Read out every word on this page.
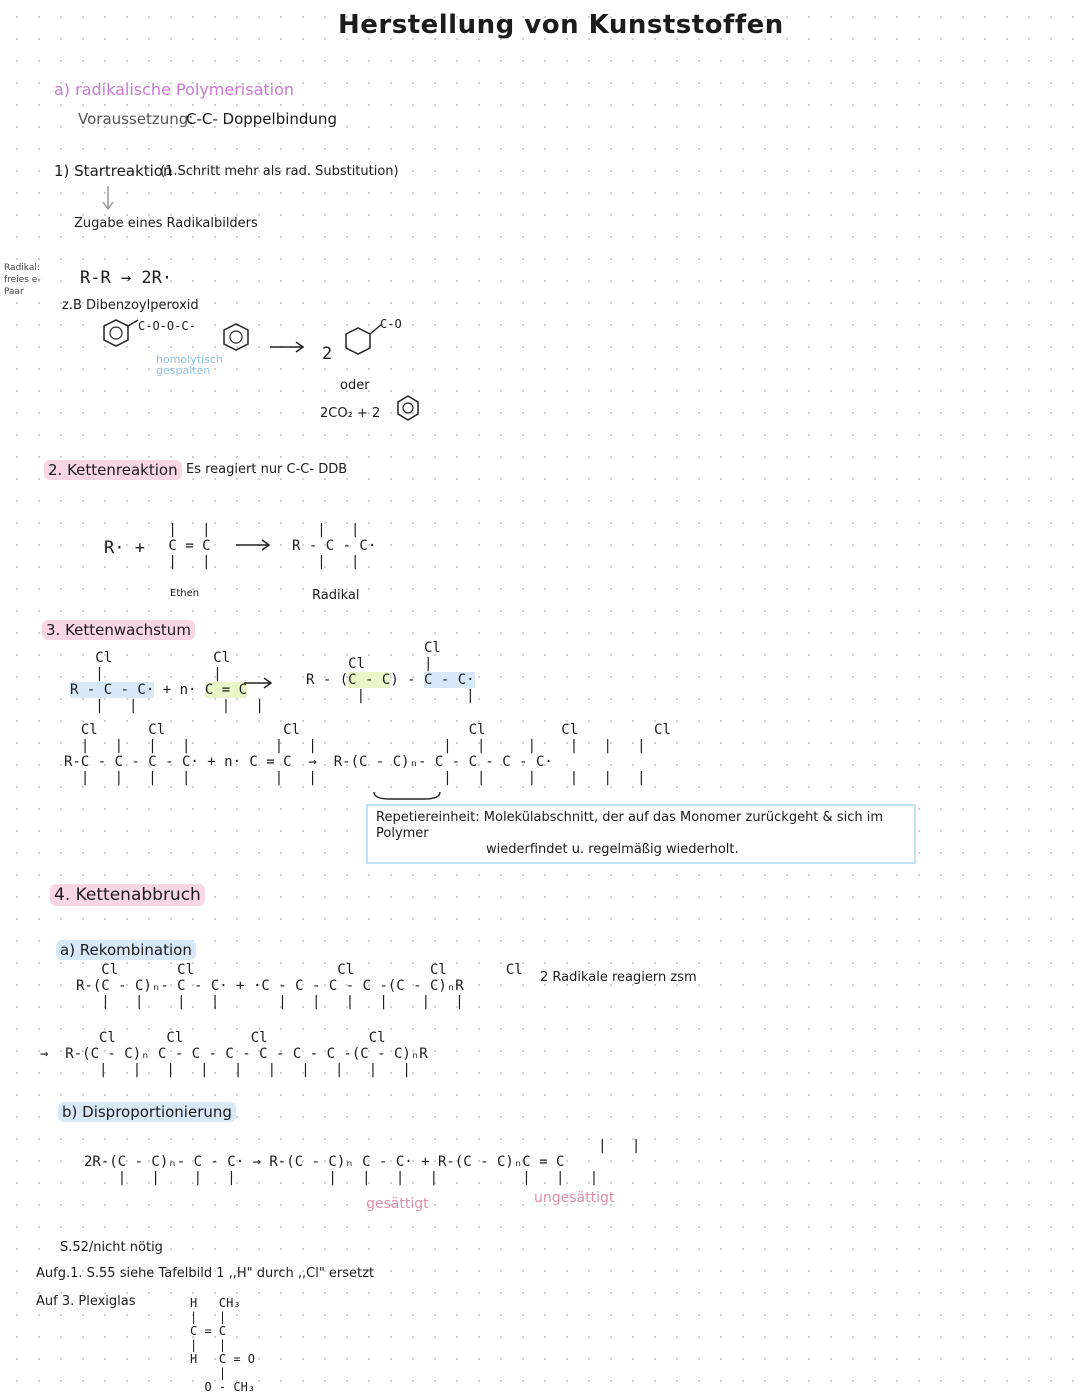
Herstellung von Kunststoffen
a) radikalische Polymerisation
Voraussetzung:
C-C- Doppelbindung
Radikal:
freies e-
Paar
1) Startreaktion
(1.Schritt mehr als rad. Substitution)
Zugabe eines Radikalbilders
R-R → 2R·
z.B Dibenzoylperoxid
C-O-O-C-
homolytisch gespalten
→ 2
C-O
oder
2CO₂ + 2
2. Kettenreaktion Es reagiert nur C-C- DDB
R· +
|   |
C = C
|   |
|   |
R - C - C·
|   |
Ethen	Radikal
3. Kettenwachstum
Cl            Cl
|             |
R - C - C· + n· C = C
|   |          |   |
Cl
Cl       |
R - (C - C) - C - C·
|            |
Cl      Cl              Cl                    Cl         Cl         Cl
|   |   |   |          |   |               |   |     |    |   |   |
R-C - C - C - C· + n· C = C  →  R-(C - C)ₙ- C - C - C - C·
|   |   |   |          |   |               |   |     |    |   |   |
Repetiereinheit: Molekülabschnitt, der auf das Monomer zurückgeht & sich im Polymer
wiederfindet u. regelmäßig wiederholt.
4. Kettenabbruch
a) Rekombination
2 Radikale reagiern zsm
Cl       Cl                 Cl         Cl       Cl
R-(C - C)ₙ- C - C· + ·C - C - C - C -(C - C)ₙR
|   |    |   |       |   |   |   |    |   |
Cl      Cl        Cl            Cl
→  R-(C - C)ₙ C - C - C - C - C - C -(C - C)ₙR
|   |   |   |   |   |   |   |   |   |
b) Disproportionierung
|   |
2R-(C - C)ₙ- C - C· → R-(C - C)ₙ C - C· + R-(C - C)ₙC = C
|   |    |   |           |   |   |   |          |   |   |
gesättigt	ungesättigt
S.52/nicht nötig
Aufg.1. S.55 siehe Tafelbild 1 ,,H" durch ,,Cl" ersetzt
Auf 3. Plexiglas	H   CH₃
|   |
C = C
|   |
H   C = O
|
O - CH₃
